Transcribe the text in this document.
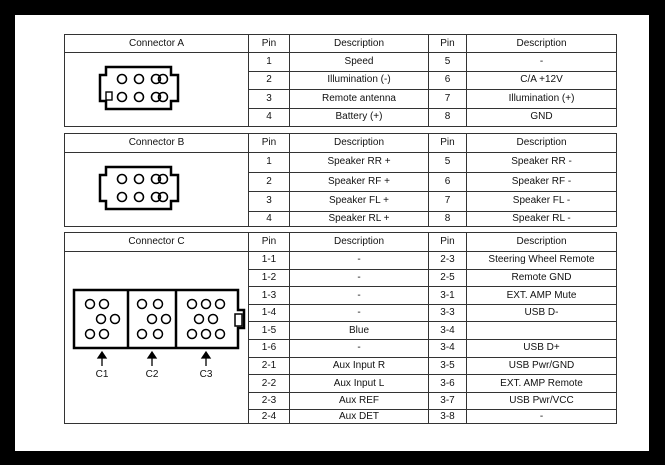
Connector A	Pin	Description	Pin	Description
	1	Speed	5	-
	2	Illumination (-)	6	C/A +12V
	3	Remote antenna	7	Illumination (+)
	4	Battery (+)	8	GND
Connector B	Pin	Description	Pin	Description
	1	Speaker RR +	5	Speaker RR -
	2	Speaker RF +	6	Speaker RF -
	3	Speaker FL +	7	Speaker FL -
	4	Speaker RL +	8	Speaker RL -
Connector C	Pin	Description	Pin	Description

C1 C2 C3	1-1	-	2-3	Steering Wheel Remote
	1-2	-	2-5	Remote GND
	1-3	-	3-1	EXT. AMP Mute
	1-4	-	3-3	USB D-
	1-5	Blue	3-4	
	1-6	-	3-4	USB D+
	2-1	Aux Input R	3-5	USB Pwr/GND
	2-2	Aux Input L	3-6	EXT. AMP Remote
	2-3	Aux REF	3-7	USB Pwr/VCC
	2-4	Aux DET	3-8	-
